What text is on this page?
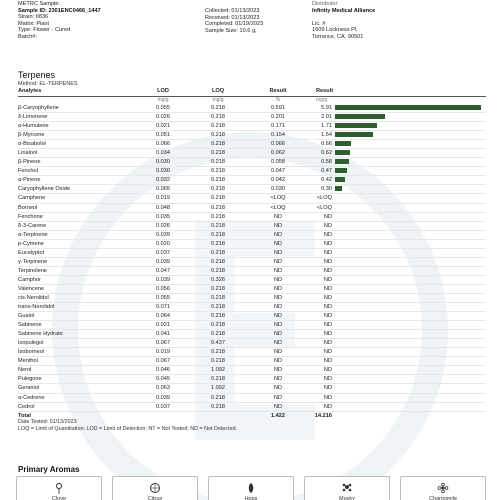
METRC Sample:
Sample ID: 2301ENC0466_1447
Strain: II836
Matrix: Plant
Type: Flower - Cured
Batch#:
Collected: 01/13/2023
Received: 01/13/2023
Completed: 01/19/2023
Sample Size: 10.6 g,
Distributor
Infinity Medical Alliance
Lic. #
1609 Lockness Pl,
Torrance, CA, 90501
Terpenes
Method: EL-TERPENES
Analytes	LOD	LOQ	Result	Result
	mg/g	mg/g	%	mg/g
β-Caryophyllene	0.055	0.218	0.591	5.91
δ-Limonene	0.026	0.218	0.201	2.01
α-Humulene	0.021	0.218	0.171	1.71
β-Myrcene	0.051	0.218	0.154	1.54
α-Bisabolol	0.066	0.218	0.066	0.66
Linalool	0.034	0.218	0.062	0.62
β-Pinene	0.030	0.218	0.058	0.58
Fenchol	0.030	0.218	0.047	0.47
α-Pinene	0.032	0.218	0.042	0.42
Caryophyllene Oxide	0.065	0.218	0.030	0.30
Camphene	0.019	0.218	<LOQ	<LOQ
Borneol	0.048	0.218	<LOQ	<LOQ
Fenchone	0.035	0.218	ND	ND
δ-3-Carene	0.026	0.218	ND	ND
α-Terpinene	0.039	0.218	ND	ND
p-Cymene	0.020	0.218	ND	ND
Eucalyptol	0.037	0.218	ND	ND
γ-Terpinene	0.039	0.218	ND	ND
Terpinolene	0.047	0.218	ND	ND
Camphor	0.039	0.326	ND	ND
Valencene	0.056	0.218	ND	ND
cis-Nerolidol	0.055	0.218	ND	ND
trans-Nerolidol	0.071	0.218	ND	ND
Guaiol	0.064	0.218	ND	ND
Sabinene	0.021	0.218	ND	ND
Sabinene Hydrate	0.041	0.218	ND	ND
Isopulegol	0.067	0.437	ND	ND
Isoborneol	0.019	0.218	ND	ND
Menthol	0.067	0.218	ND	ND
Nerol	0.046	1.092	ND	ND
Pulegone	0.045	0.218	ND	ND
Geraniol	0.063	1.092	ND	ND
α-Cedrene	0.039	0.218	ND	ND
Cedrol	0.037	0.218	ND	ND
Total			1.422	14.216
Date Tested: 01/13/2023
LOQ = Limit of Quantitation; LOD = Limit of Detection; NT = Not Tested; ND = Not Detected.
Primary Aromas
Clove	Citrus	Hops	Musky	Chamomile
